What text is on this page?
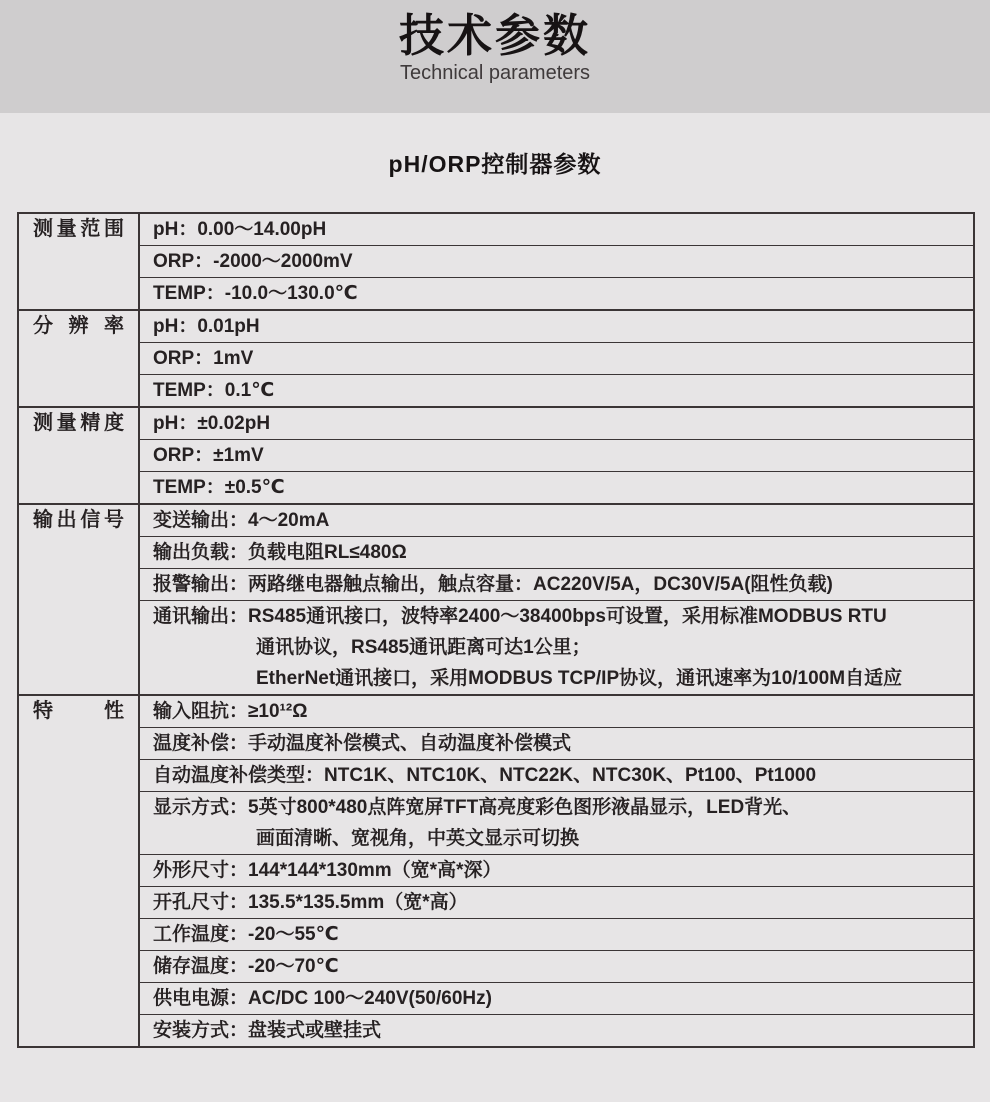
技术参数
Technical parameters
pH/ORP控制器参数
测量范围	pH：0.00～14.00pH
ORP：-2000～2000mV
TEMP：-10.0～130.0℃
分 辨 率	pH：0.01pH
ORP：1mV
TEMP：0.1℃
测量精度	pH：±0.02pH
ORP：±1mV
TEMP：±0.5℃
输出信号	变送输出：4～20mA
输出负载：负载电阻RL≤480Ω
报警输出：两路继电器触点输出，触点容量：AC220V/5A，DC30V/5A(阻性负载)
通讯输出：RS485通讯接口，波特率2400～38400bps可设置，采用标准MODBUS RTU
通讯协议，RS485通讯距离可达1公里；
EtherNet通讯接口，采用MODBUS TCP/IP协议，通讯速率为10/100M自适应
特 性	输入阻抗：≥10¹²Ω
温度补偿：手动温度补偿模式、自动温度补偿模式
自动温度补偿类型：NTC1K、NTC10K、NTC22K、NTC30K、Pt100、Pt1000
显示方式：5英寸800*480点阵宽屏TFT高亮度彩色图形液晶显示，LED背光、
画面清晰、宽视角，中英文显示可切换
外形尺寸：144*144*130mm（宽*高*深）
开孔尺寸：135.5*135.5mm（宽*高）
工作温度：-20～55℃
储存温度：-20～70℃
供电电源：AC/DC 100～240V(50/60Hz)
安装方式：盘装式或壁挂式
